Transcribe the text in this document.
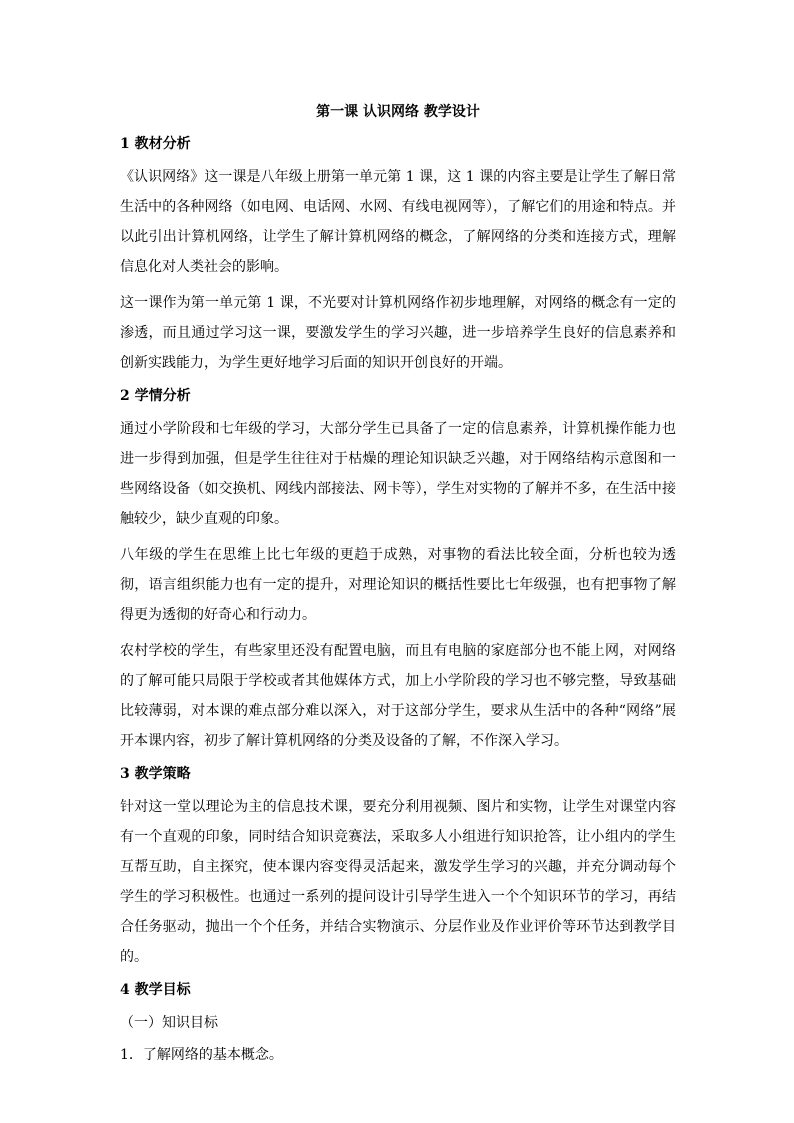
第一课 认识网络 教学设计
1 教材分析

《认识网络》这一课是八年级上册第一单元第 1 课，这 1 课的内容主要是让学生了解日常生活中的各种网络（如电网、电话网、水网、有线电视网等），了解它们的用途和特点。并以此引出计算机网络，让学生了解计算机网络的概念，了解网络的分类和连接方式，理解信息化对人类社会的影响。

这一课作为第一单元第 1 课，不光要对计算机网络作初步地理解，对网络的概念有一定的渗透，而且通过学习这一课，要激发学生的学习兴趣，进一步培养学生良好的信息素养和创新实践能力，为学生更好地学习后面的知识开创良好的开端。

2 学情分析

通过小学阶段和七年级的学习，大部分学生已具备了一定的信息素养，计算机操作能力也进一步得到加强，但是学生往往对于枯燥的理论知识缺乏兴趣，对于网络结构示意图和一些网络设备（如交换机、网线内部接法、网卡等），学生对实物的了解并不多，在生活中接触较少，缺少直观的印象。

八年级的学生在思维上比七年级的更趋于成熟，对事物的看法比较全面，分析也较为透彻，语言组织能力也有一定的提升，对理论知识的概括性要比七年级强，也有把事物了解得更为透彻的好奇心和行动力。

农村学校的学生，有些家里还没有配置电脑，而且有电脑的家庭部分也不能上网，对网络的了解可能只局限于学校或者其他媒体方式，加上小学阶段的学习也不够完整，导致基础比较薄弱，对本课的难点部分难以深入，对于这部分学生，要求从生活中的各种“网络”展开本课内容，初步了解计算机网络的分类及设备的了解，不作深入学习。

3 教学策略

针对这一堂以理论为主的信息技术课，要充分利用视频、图片和实物，让学生对课堂内容有一个直观的印象，同时结合知识竞赛法，采取多人小组进行知识抢答，让小组内的学生互帮互助，自主探究，使本课内容变得灵活起来，激发学生学习的兴趣，并充分调动每个学生的学习积极性。也通过一系列的提问设计引导学生进入一个个知识环节的学习，再结合任务驱动，抛出一个个任务，并结合实物演示、分层作业及作业评价等环节达到教学目的。

4 教学目标

（一）知识目标

1．了解网络的基本概念。
